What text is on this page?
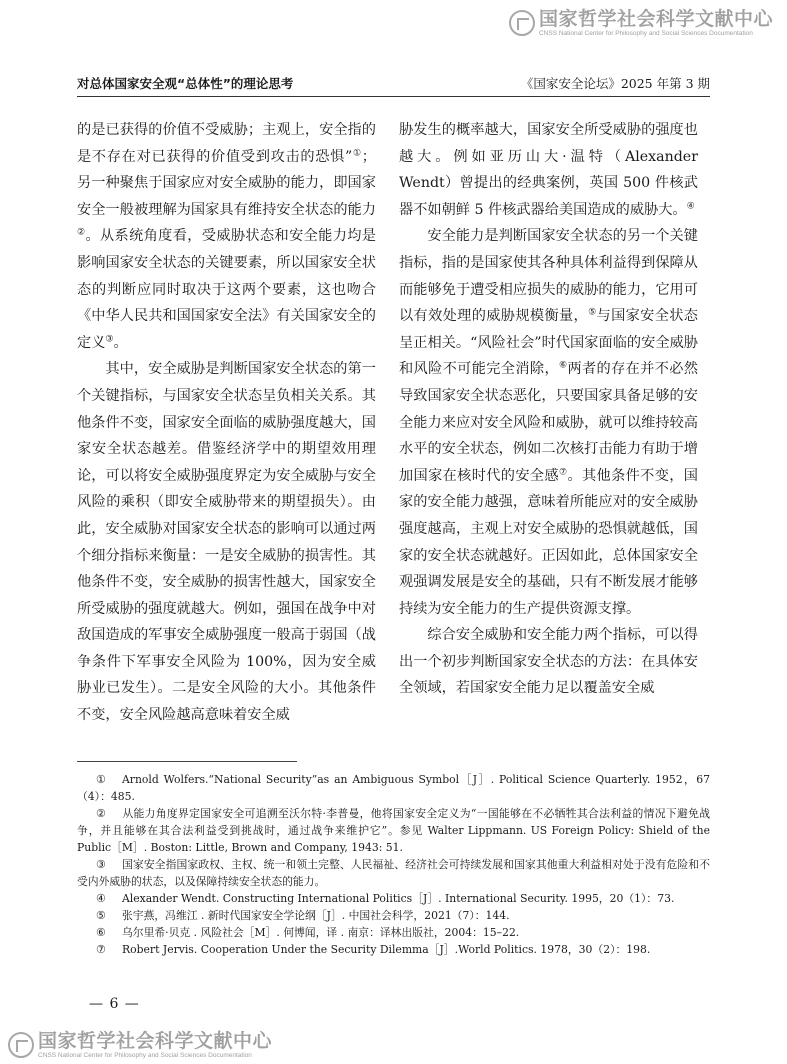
国家哲学社会科学文献中心
CNSS National Center for Philosophy and Social Sciences Documentation
对总体国家安全观“总体性”的理论思考	《国家安全论坛》2025 年第 3 期

的是已获得的价值不受威胁；主观上，安全指的是不存在对已获得的价值受到攻击的恐惧”①；另一种聚焦于国家应对安全威胁的能力，即国家安全一般被理解为国家具有维持安全状态的能力②。从系统角度看，受威胁状态和安全能力均是影响国家安全状态的关键要素，所以国家安全状态的判断应同时取决于这两个要素，这也吻合《中华人民共和国国家安全法》有关国家安全的定义③。

其中，安全威胁是判断国家安全状态的第一个关键指标，与国家安全状态呈负相关关系。其他条件不变，国家安全面临的威胁强度越大，国家安全状态越差。借鉴经济学中的期望效用理论，可以将安全威胁强度界定为安全威胁与安全风险的乘积（即安全威胁带来的期望损失）。由此，安全威胁对国家安全状态的影响可以通过两个细分指标来衡量：一是安全威胁的损害性。其他条件不变，安全威胁的损害性越大，国家安全所受威胁的强度就越大。例如，强国在战争中对敌国造成的军事安全威胁强度一般高于弱国（战争条件下军事安全风险为 100%，因为安全威胁业已发生）。二是安全风险的大小。其他条件不变，安全风险越高意味着安全威

胁发生的概率越大，国家安全所受威胁的强度也越大。例如亚历山大·温特（Alexander Wendt）曾提出的经典案例，英国 500 件核武器不如朝鲜 5 件核武器给美国造成的威胁大。④

安全能力是判断国家安全状态的另一个关键指标，指的是国家使其各种具体利益得到保障从而能够免于遭受相应损失的威胁的能力，它用可以有效处理的威胁规模衡量，⑤与国家安全状态呈正相关。“风险社会”时代国家面临的安全威胁和风险不可能完全消除，⑥两者的存在并不必然导致国家安全状态恶化，只要国家具备足够的安全能力来应对安全风险和威胁，就可以维持较高水平的安全状态，例如二次核打击能力有助于增加国家在核时代的安全感⑦。其他条件不变，国家的安全能力越强，意味着所能应对的安全威胁强度越高，主观上对安全威胁的恐惧就越低，国家的安全状态就越好。正因如此，总体国家安全观强调发展是安全的基础，只有不断发展才能够持续为安全能力的生产提供资源支撑。

综合安全威胁和安全能力两个指标，可以得出一个初步判断国家安全状态的方法：在具体安全领域，若国家安全能力足以覆盖安全威

① Arnold Wolfers.“National Security”as an Ambiguous Symbol［J］. Political Science Quarterly. 1952，67（4）：485.

② 从能力角度界定国家安全可追溯至沃尔特·李普曼，他将国家安全定义为“一国能够在不必牺牲其合法利益的情况下避免战争，并且能够在其合法利益受到挑战时，通过战争来维护它”。参见 Walter Lippmann. US Foreign Policy: Shield of the Public［M］. Boston: Little, Brown and Company, 1943: 51.

③ 国家安全指国家政权、主权、统一和领土完整、人民福祉、经济社会可持续发展和国家其他重大利益相对处于没有危险和不受内外威胁的状态，以及保障持续安全状态的能力。

④ Alexander Wendt. Constructing International Politics［J］. International Security. 1995，20（1）：73.

⑤ 张宇燕，冯维江 . 新时代国家安全学论纲［J］. 中国社会科学，2021（7）：144.

⑥ 乌尔里希·贝克 . 风险社会［M］. 何博闻，译 . 南京：译林出版社，2004：15–22.

⑦ Robert Jervis. Cooperation Under the Security Dilemma［J］.World Politics. 1978，30（2）：198.

— 6 —
国家哲学社会科学文献中心
CNSS National Center for Philosophy and Social Sciences Documentation
